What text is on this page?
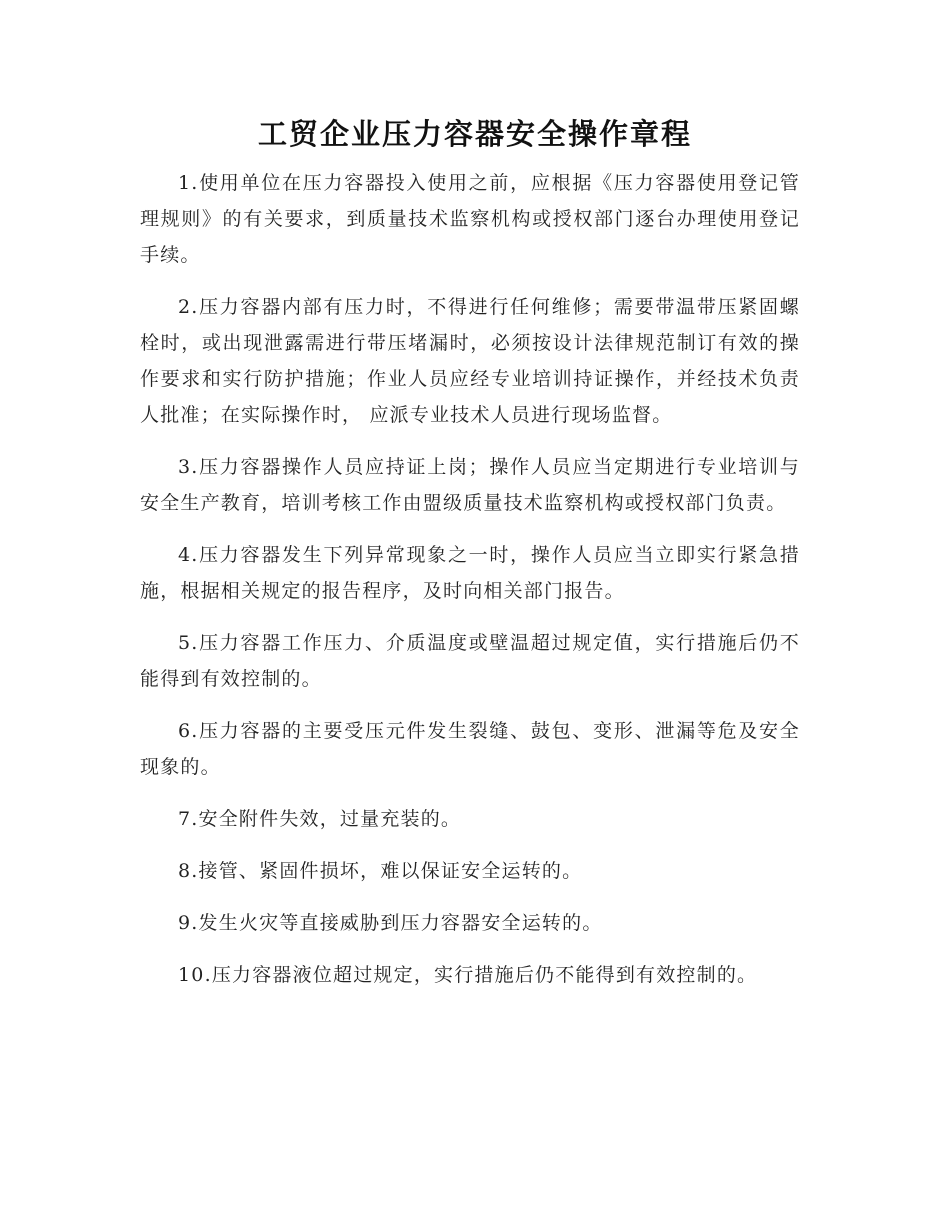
工贸企业压力容器安全操作章程

1.使用单位在压力容器投入使用之前，应根据《压力容器使用登记管理规则》的有关要求，到质量技术监察机构或授权部门逐台办理使用登记手续。

2.压力容器内部有压力时，不得进行任何维修；需要带温带压紧固螺栓时，或出现泄露需进行带压堵漏时，必须按设计法律规范制订有效的操作要求和实行防护措施；作业人员应经专业培训持证操作，并经技术负责人批准；在实际操作时， 应派专业技术人员进行现场监督。

3.压力容器操作人员应持证上岗；操作人员应当定期进行专业培训与安全生产教育，培训考核工作由盟级质量技术监察机构或授权部门负责。

4.压力容器发生下列异常现象之一时，操作人员应当立即实行紧急措施，根据相关规定的报告程序，及时向相关部门报告。

5.压力容器工作压力、介质温度或壁温超过规定值，实行措施后仍不能得到有效控制的。

6.压力容器的主要受压元件发生裂缝、鼓包、变形、泄漏等危及安全现象的。

7.安全附件失效，过量充装的。

8.接管、紧固件损坏，难以保证安全运转的。

9.发生火灾等直接威胁到压力容器安全运转的。

10.压力容器液位超过规定，实行措施后仍不能得到有效控制的。
